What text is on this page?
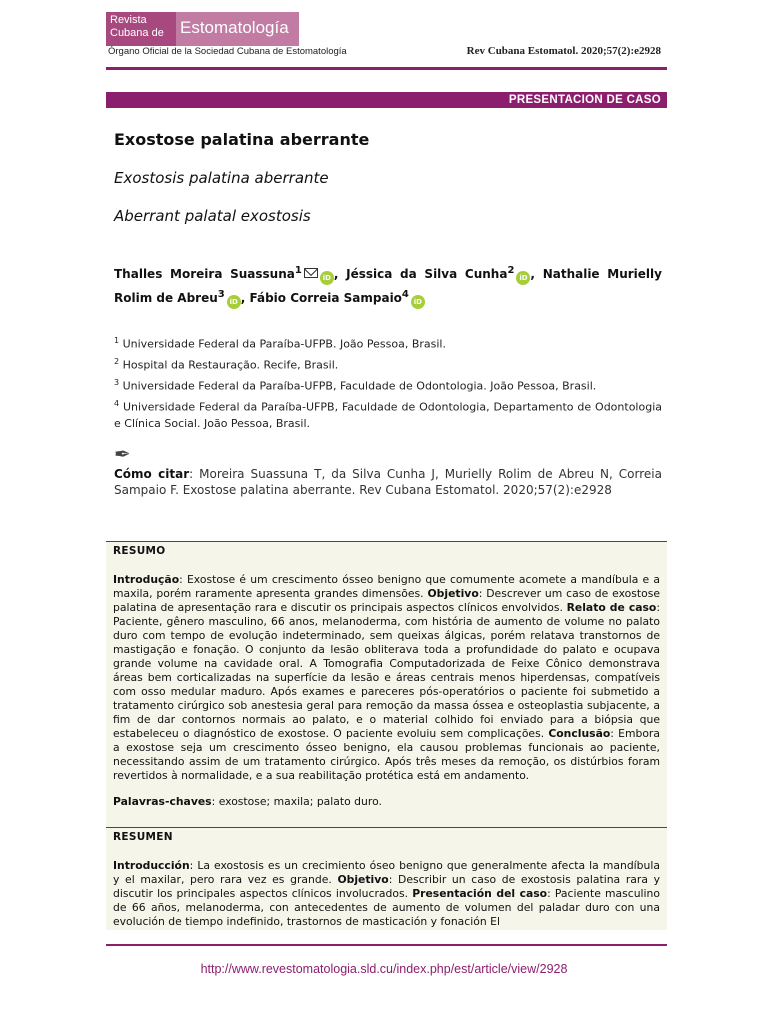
Revista
Cubana de Estomatología
Órgano Oficial de la Sociedad Cubana de Estomatología	Rev Cubana Estomatol. 2020;57(2):e2928
PRESENTACION DE CASO
Exostose palatina aberrante
Exostosis palatina aberrante
Aberrant palatal exostosis
Thalles Moreira Suassuna$^1$iD , Jéssica da Silva Cunha$^2$iD , Nathalie Murielly Rolim de Abreu$^3$iD , Fábio Correia Sampaio$^4$iD
$^1$ Universidade Federal da Paraíba-UFPB. João Pessoa, Brasil.
$^2$ Hospital da Restauração. Recife, Brasil.
$^3$ Universidade Federal da Paraíba-UFPB, Faculdade de Odontologia. João Pessoa, Brasil.
$^4$ Universidade Federal da Paraíba-UFPB, Faculdade de Odontologia, Departamento de Odontologia e Clínica Social. João Pessoa, Brasil.
✒
Cómo citar: Moreira Suassuna T, da Silva Cunha J, Murielly Rolim de Abreu N, Correia Sampaio F. Exostose palatina aberrante. Rev Cubana Estomatol. 2020;57(2):e2928
RESUMO
Introdução: Exostose é um crescimento ósseo benigno que comumente acomete a mandíbula e a maxila, porém raramente apresenta grandes dimensões. Objetivo: Descrever um caso de exostose palatina de apresentação rara e discutir os principais aspectos clínicos envolvidos. Relato de caso: Paciente, gênero masculino, 66 anos, melanoderma, com história de aumento de volume no palato duro com tempo de evolução indeterminado, sem queixas álgicas, porém relatava transtornos de mastigação e fonação. O conjunto da lesão obliterava toda a profundidade do palato e ocupava grande volume na cavidade oral. A Tomografia Computadorizada de Feixe Cônico demonstrava áreas bem corticalizadas na superfície da lesão e áreas centrais menos hiperdensas, compatíveis com osso medular maduro. Após exames e pareceres pós-operatórios o paciente foi submetido a tratamento cirúrgico sob anestesia geral para remoção da massa óssea e osteoplastia subjacente, a fim de dar contornos normais ao palato, e o material colhido foi enviado para a biópsia que estabeleceu o diagnóstico de exostose. O paciente evoluiu sem complicações. Conclusão: Embora a exostose seja um crescimento ósseo benigno, ela causou problemas funcionais ao paciente, necessitando assim de um tratamento cirúrgico. Após três meses da remoção, os distúrbios foram revertidos à normalidade, e a sua reabilitação protética está em andamento.
Palavras-chaves: exostose; maxila; palato duro.
RESUMEN
Introducción: La exostosis es un crecimiento óseo benigno que generalmente afecta la mandíbula y el maxilar, pero rara vez es grande. Objetivo: Describir un caso de exostosis palatina rara y discutir los principales aspectos clínicos involucrados. Presentación del caso: Paciente masculino de 66 años, melanoderma, con antecedentes de aumento de volumen del paladar duro con una evolución de tiempo indefinido, trastornos de masticación y fonación El
http://www.revestomatologia.sld.cu/index.php/est/article/view/2928
